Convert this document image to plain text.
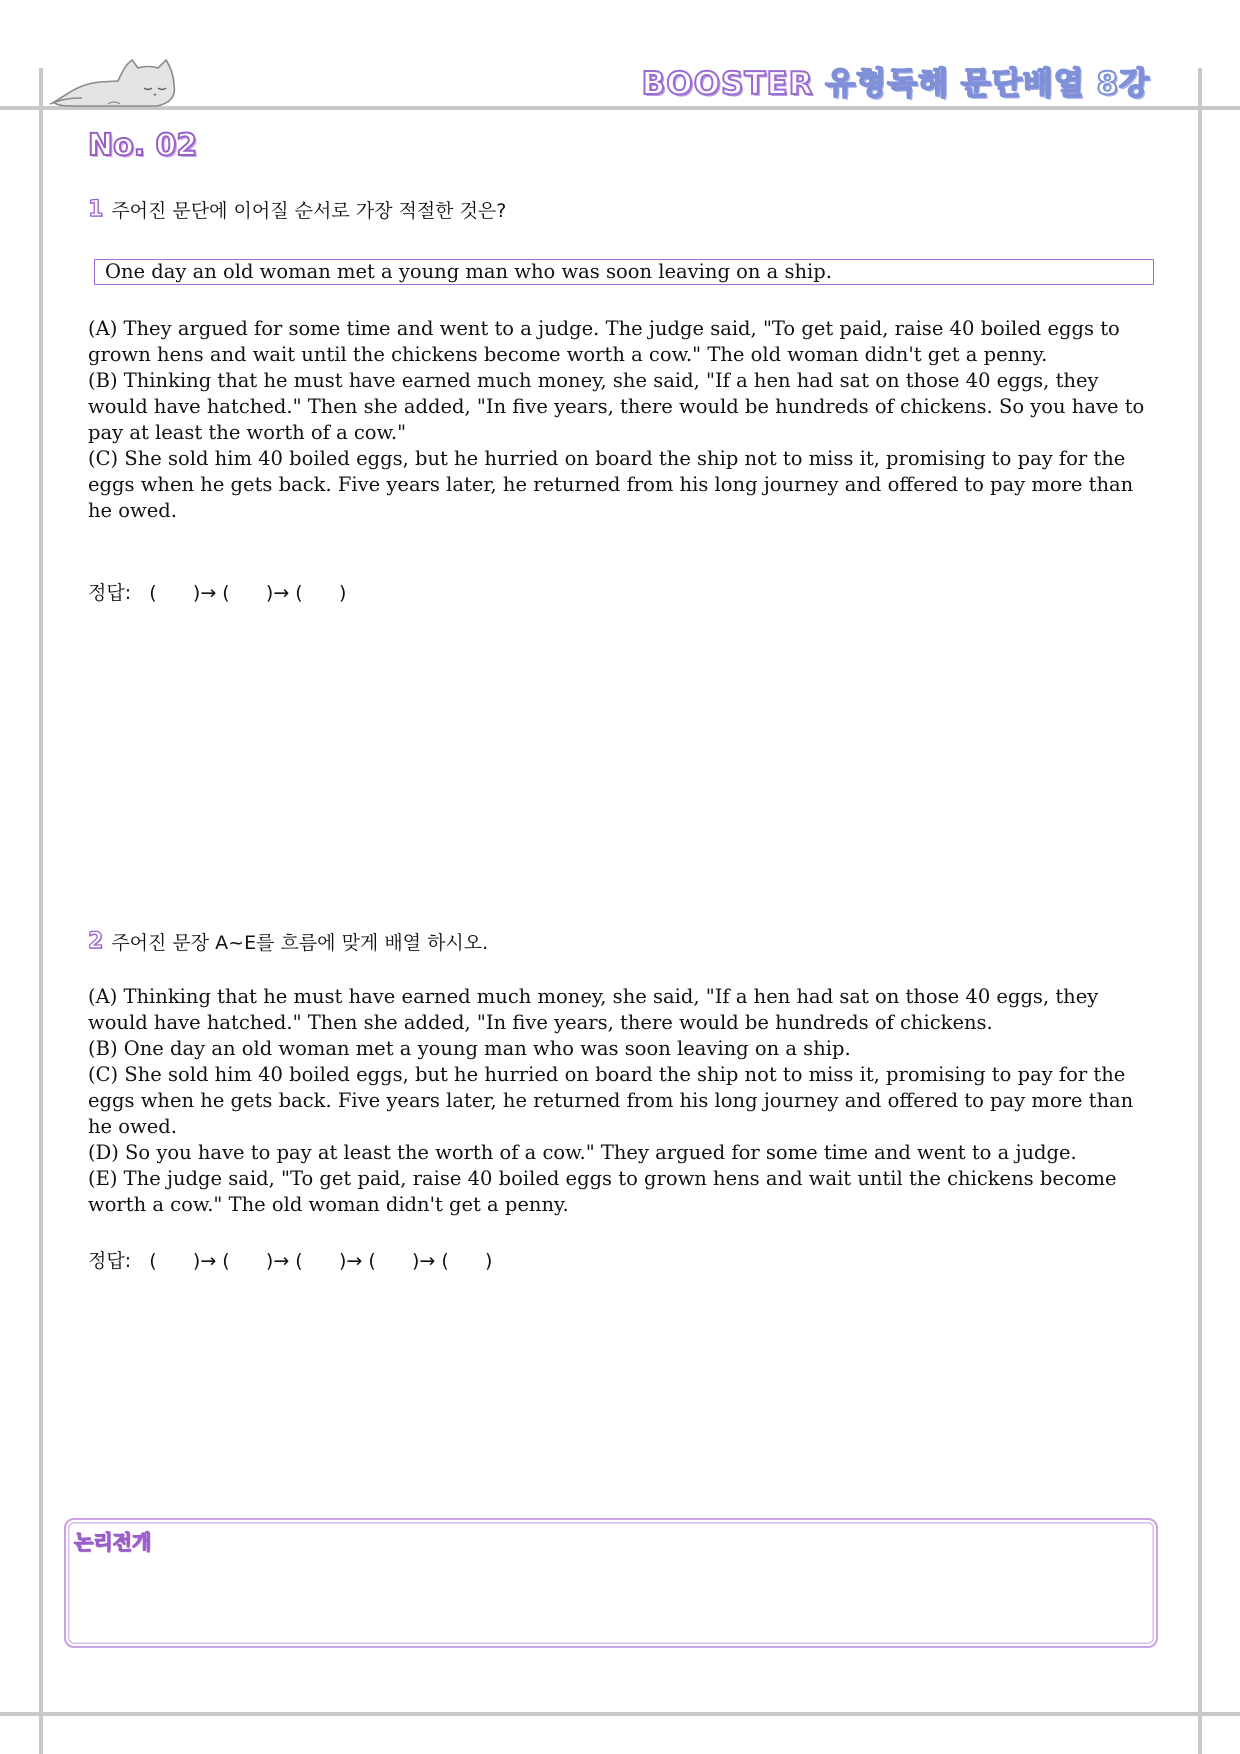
BOOSTER 유형독해 문단배열 8강
No. 02
1 주어진 문단에 이어질 순서로 가장 적절한 것은?
One day an old woman met a young man who was soon leaving on a ship.

(A) They argued for some time and went to a judge. The judge said, "To get paid, raise 40 boiled eggs to grown hens and wait until the chickens become worth a cow." The old woman didn't get a penny.

(B) Thinking that he must have earned much money, she said, "If a hen had sat on those 40 eggs, they would have hatched." Then she added, "In five years, there would be hundreds of chickens. So you have to pay at least the worth of a cow."

(C) She sold him 40 boiled eggs, but he hurried on board the ship not to miss it, promising to pay for the eggs when he gets back. Five years later, he returned from his long journey and offered to pay more than he owed.

정답: (      )→ (      )→ (      )
2 주어진 문장 A~E를 흐름에 맞게 배열 하시오.

(A) Thinking that he must have earned much money, she said, "If a hen had sat on those 40 eggs, they would have hatched." Then she added, "In five years, there would be hundreds of chickens.

(B) One day an old woman met a young man who was soon leaving on a ship.

(C) She sold him 40 boiled eggs, but he hurried on board the ship not to miss it, promising to pay for the eggs when he gets back. Five years later, he returned from his long journey and offered to pay more than he owed.

(D) So you have to pay at least the worth of a cow." They argued for some time and went to a judge.

(E) The judge said, "To get paid, raise 40 boiled eggs to grown hens and wait until the chickens become worth a cow." The old woman didn't get a penny.

정답: (      )→ (      )→ (      )→ (      )→ (      )
논리전개
